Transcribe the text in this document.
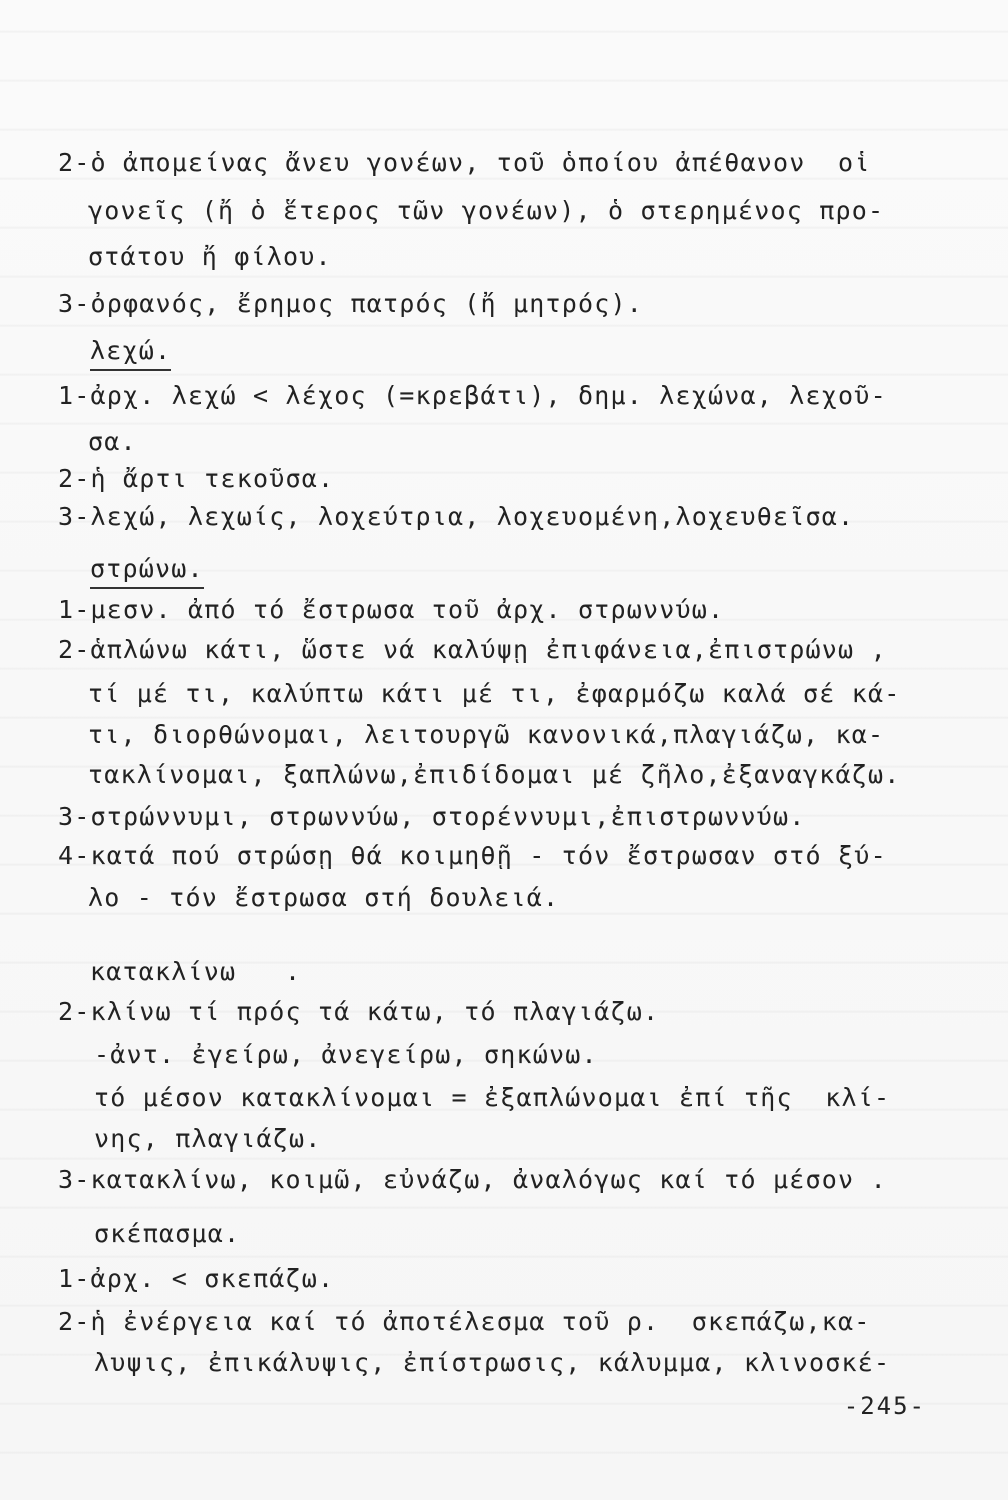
2-ὁ ἀπομείνας ἄνευ γονέων, τοῦ ὁποίου ἀπέθανον  οἱ
γονεῖς (ἤ ὁ ἕτερος τῶν γονέων), ὁ στερημένος προ-
στάτου ἤ φίλου.
3-ὀρφανός, ἔρημος πατρός (ἤ μητρός).
λεχώ.
1-ἀρχ. λεχώ < λέχος (=κρεβάτι), δημ. λεχώνα, λεχοῦ-
σα.
2-ἡ ἄρτι τεκοῦσα.
3-λεχώ, λεχωίς, λοχεύτρια, λοχευομένη,λοχευθεῖσα.
στρώνω.
1-μεσν. ἀπό τό ἔστρωσα τοῦ ἀρχ. στρωννύω.
2-ἁπλώνω κάτι, ὥστε νά καλύψῃ ἐπιφάνεια,ἐπιστρώνω ,
τί μέ τι, καλύπτω κάτι μέ τι, ἐφαρμόζω καλά σέ κά-
τι, διορθώνομαι, λειτουργῶ κανονικά,πλαγιάζω, κα-
τακλίνομαι, ξαπλώνω,ἐπιδίδομαι μέ ζῆλο,ἐξαναγκάζω.
3-στρώννυμι, στρωννύω, στορέννυμι,ἐπιστρωννύω.
4-κατά πού στρώσῃ θά κοιμηθῇ - τόν ἔστρωσαν στό ξύ-
λο - τόν ἔστρωσα στή δουλειά.
κατακλίνω   .
2-κλίνω τί πρός τά κάτω, τό πλαγιάζω.
-ἀντ. ἐγείρω, ἀνεγείρω, σηκώνω.
τό μέσον κατακλίνομαι = ἐξαπλώνομαι ἐπί τῆς  κλί-
νης, πλαγιάζω.
3-κατακλίνω, κοιμῶ, εὐνάζω, ἀναλόγως καί τό μέσον .
σκέπασμα.
1-ἀρχ. < σκεπάζω.
2-ἡ ἐνέργεια καί τό ἀποτέλεσμα τοῦ ρ.  σκεπάζω,κα-
λυψις, ἐπικάλυψις, ἐπίστρωσις, κάλυμμα, κλινοσκέ-
-245-
